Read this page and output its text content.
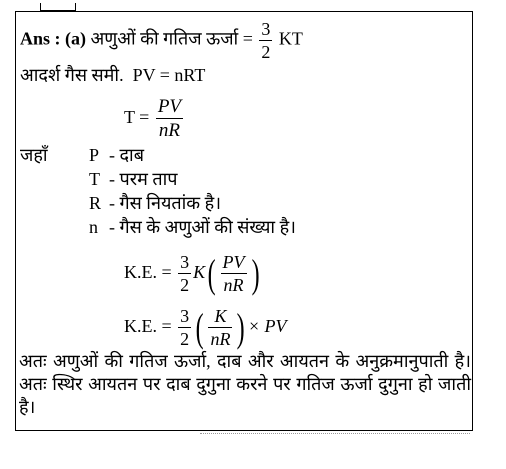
Ans : (a) अणुओं की गतिज ऊर्जा = $\frac{3}{2}$ KT
आदर्श गैस समी. PV = nRT
$T = \frac{PV}{nR}$
जहाँ P - दाब
T - परम ताप
R - गैस नियतांक है।
n - गैस के अणुओं की संख्या है।
K.E. = $\frac{3}{2} K( \frac{PV}{nR}$ )
K.E. = $\frac{3}{2}$ ( $\frac{K}{nR}$ ) × PV
अतः अणुओं की गतिज ऊर्जा, दाब और आयतन के अनुक्रमानुपाती है। अतः स्थिर आयतन पर दाब दुगुना करने पर गतिज ऊर्जा दुगुना हो जाती है।
